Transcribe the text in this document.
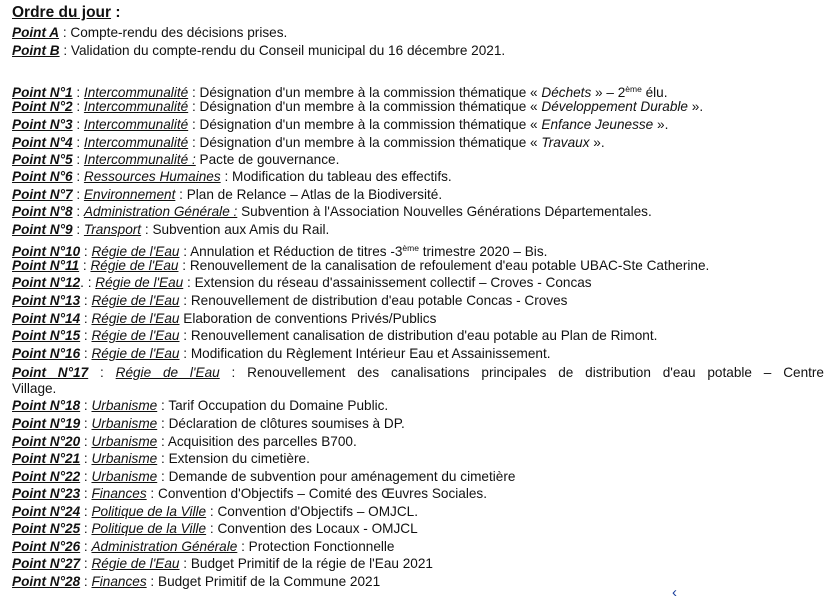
Ordre du jour :
Point A : Compte-rendu des décisions prises.
Point B : Validation du compte-rendu du Conseil municipal du 16 décembre 2021.
Point N°1 : Intercommunalité : Désignation d'un membre à la commission thématique « Déchets » – 2ème élu.
Point N°2 : Intercommunalité : Désignation d'un membre à la commission thématique « Développement Durable ».
Point N°3 : Intercommunalité : Désignation d'un membre à la commission thématique « Enfance Jeunesse ».
Point N°4 : Intercommunalité : Désignation d'un membre à la commission thématique « Travaux ».
Point N°5 : Intercommunalité : Pacte de gouvernance.
Point N°6 : Ressources Humaines : Modification du tableau des effectifs.
Point N°7 : Environnement : Plan de Relance – Atlas de la Biodiversité.
Point N°8 : Administration Générale : Subvention à l'Association Nouvelles Générations Départementales.
Point N°9 : Transport : Subvention aux Amis du Rail.
Point N°10 : Régie de l'Eau : Annulation et Réduction de titres -3ème trimestre 2020 – Bis.
Point N°11 : Régie de l'Eau : Renouvellement de la canalisation de refoulement d'eau potable UBAC-Ste Catherine.
Point N°12. : Régie de l'Eau : Extension du réseau d'assainissement collectif – Croves - Concas
Point N°13 : Régie de l'Eau : Renouvellement de distribution d'eau potable Concas - Croves
Point N°14 : Régie de l'Eau Elaboration de conventions Privés/Publics
Point N°15 : Régie de l'Eau : Renouvellement canalisation de distribution d'eau potable au Plan de Rimont.
Point N°16 : Régie de l'Eau : Modification du Règlement Intérieur Eau et Assainissement.
Point N°17 : Régie de l'Eau : Renouvellement des canalisations principales de distribution d'eau potable – Centre
Village.
Point N°18 : Urbanisme : Tarif Occupation du Domaine Public.
Point N°19 : Urbanisme : Déclaration de clôtures soumises à DP.
Point N°20 : Urbanisme : Acquisition des parcelles B700.
Point N°21 : Urbanisme : Extension du cimetière.
Point N°22 : Urbanisme : Demande de subvention pour aménagement du cimetière
Point N°23 : Finances : Convention d'Objectifs – Comité des Œuvres Sociales.
Point N°24 : Politique de la Ville : Convention d'Objectifs – OMJCL.
Point N°25 : Politique de la Ville : Convention des Locaux - OMJCL
Point N°26 : Administration Générale : Protection Fonctionnelle
Point N°27 : Régie de l'Eau : Budget Primitif de la régie de l'Eau 2021
Point N°28 : Finances : Budget Primitif de la Commune 2021
‹
